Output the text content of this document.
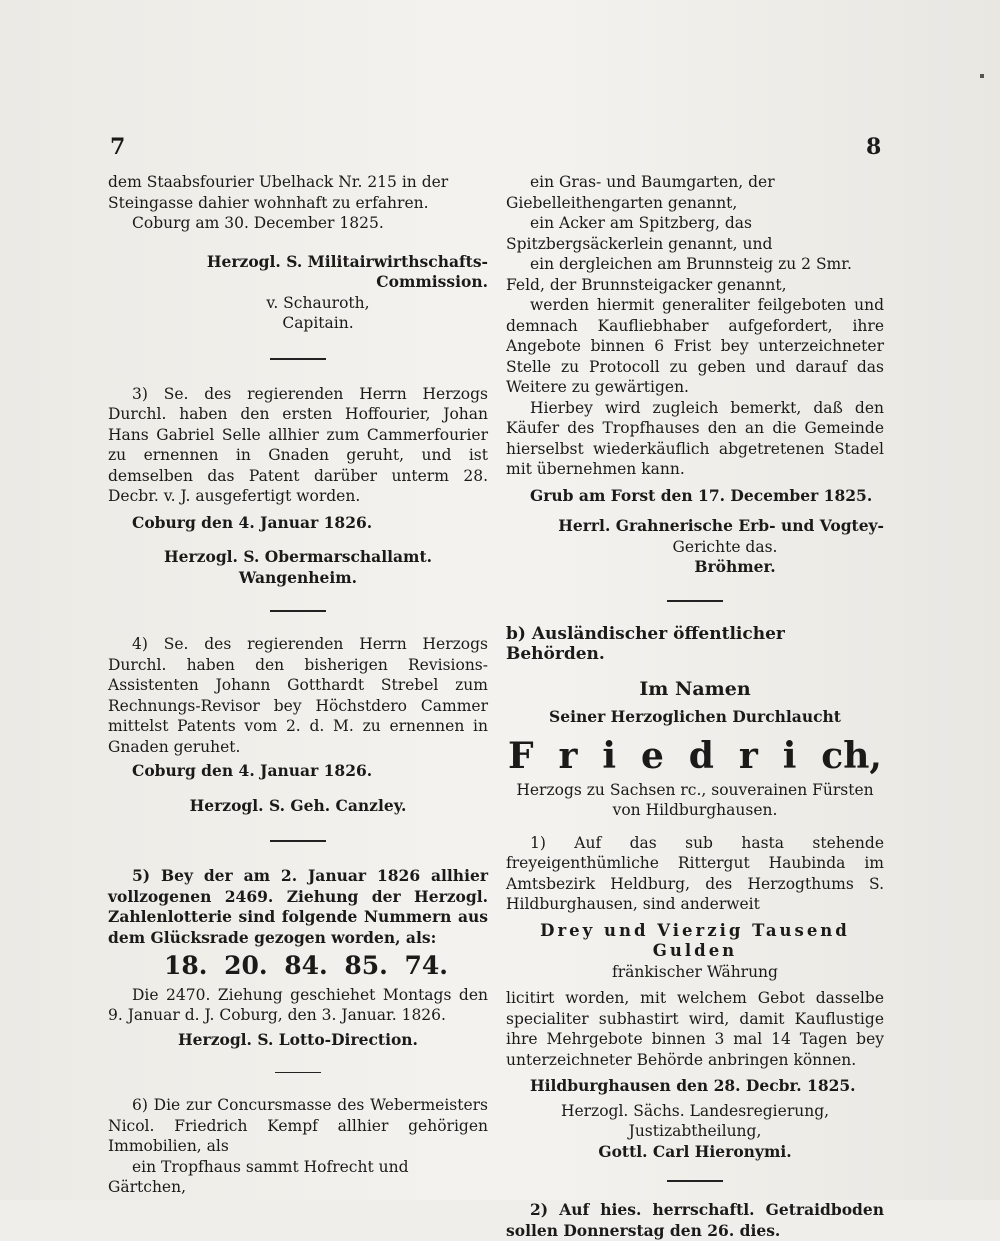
7	8

dem Staabsfourier Ubelhack Nr. 215 in der

Steingasse dahier wohnhaft zu erfahren.

Coburg am 30. December 1825.

Herzogl. S. Militairwirthschafts-Commission.

v. Schauroth,

Capitain.

3) Se. des regierenden Herrn Herzogs Durchl. haben den ersten Hoffourier, Johan Hans Gabriel Selle allhier zum Cammerfourier zu ernennen in Gnaden geruht, und ist demselben das Patent darüber unterm 28. Decbr. v. J. ausgefertigt worden.

Coburg den 4. Januar 1826.

Herzogl. S. Obermarschallamt.

Wangenheim.

4) Se. des regierenden Herrn Herzogs Durchl. haben den bisherigen Revisions-Assistenten Johann Gotthardt Strebel zum Rechnungs-Revisor bey Höchstdero Cammer mittelst Patents vom 2. d. M. zu ernennen in Gnaden geruhet.

Coburg den 4. Januar 1826.

Herzogl. S. Geh. Canzley.

5) Bey der am 2. Januar 1826 allhier vollzogenen 2469. Ziehung der Herzogl. Zahlenlotterie sind folgende Nummern aus dem Glücksrade gezogen worden, als:

18. 20. 84. 85. 74.

Die 2470. Ziehung geschiehet Montags den 9. Januar d. J. Coburg, den 3. Januar. 1826.

Herzogl. S. Lotto-Direction.

6) Die zur Concursmasse des Webermeisters Nicol. Friedrich Kempf allhier gehörigen Immobilien, als

ein Tropfhaus sammt Hofrecht und Gärtchen,

ein Gras- und Baumgarten, der Giebelleithengarten genannt,

ein Acker am Spitzberg, das Spitzbergsäckerlein genannt, und

ein dergleichen am Brunnsteig zu 2 Smr. Feld, der Brunnsteigacker genannt,

werden hiermit generaliter feilgeboten und demnach Kaufliebhaber aufgefordert, ihre Angebote binnen 6 Frist bey unterzeichneter Stelle zu Protocoll zu geben und darauf das Weitere zu gewärtigen.

Hierbey wird zugleich bemerkt, daß den Käufer des Tropfhauses den an die Gemeinde hierselbst wiederkäuflich abgetretenen Stadel mit übernehmen kann.

Grub am Forst den 17. December 1825.

Herrl. Grahnerische Erb- und Vogtey-

Gerichte das.

Bröhmer.

b) Ausländischer öffentlicher Behörden.

Im Namen

Seiner Herzoglichen Durchlaucht

F r i e d r i ch,

Herzogs zu Sachsen rc., souverainen Fürsten

von Hildburghausen.

1) Auf das sub hasta stehende freyeigenthümliche Rittergut Haubinda im Amtsbezirk Heldburg, des Herzogthums S. Hildburghausen, sind anderweit

Drey und Vierzig Tausend Gulden

fränkischer Währung

licitirt worden, mit welchem Gebot dasselbe specialiter subhastirt wird, damit Kauflustige ihre Mehrgebote binnen 3 mal 14 Tagen bey unterzeichneter Behörde anbringen können.

Hildburghausen den 28. Decbr. 1825.

Herzogl. Sächs. Landesregierung,

Justizabtheilung,

Gottl. Carl Hieronymi.

2) Auf hies. herrschaftl. Getraidboden sollen Donnerstag den 26. dies.
